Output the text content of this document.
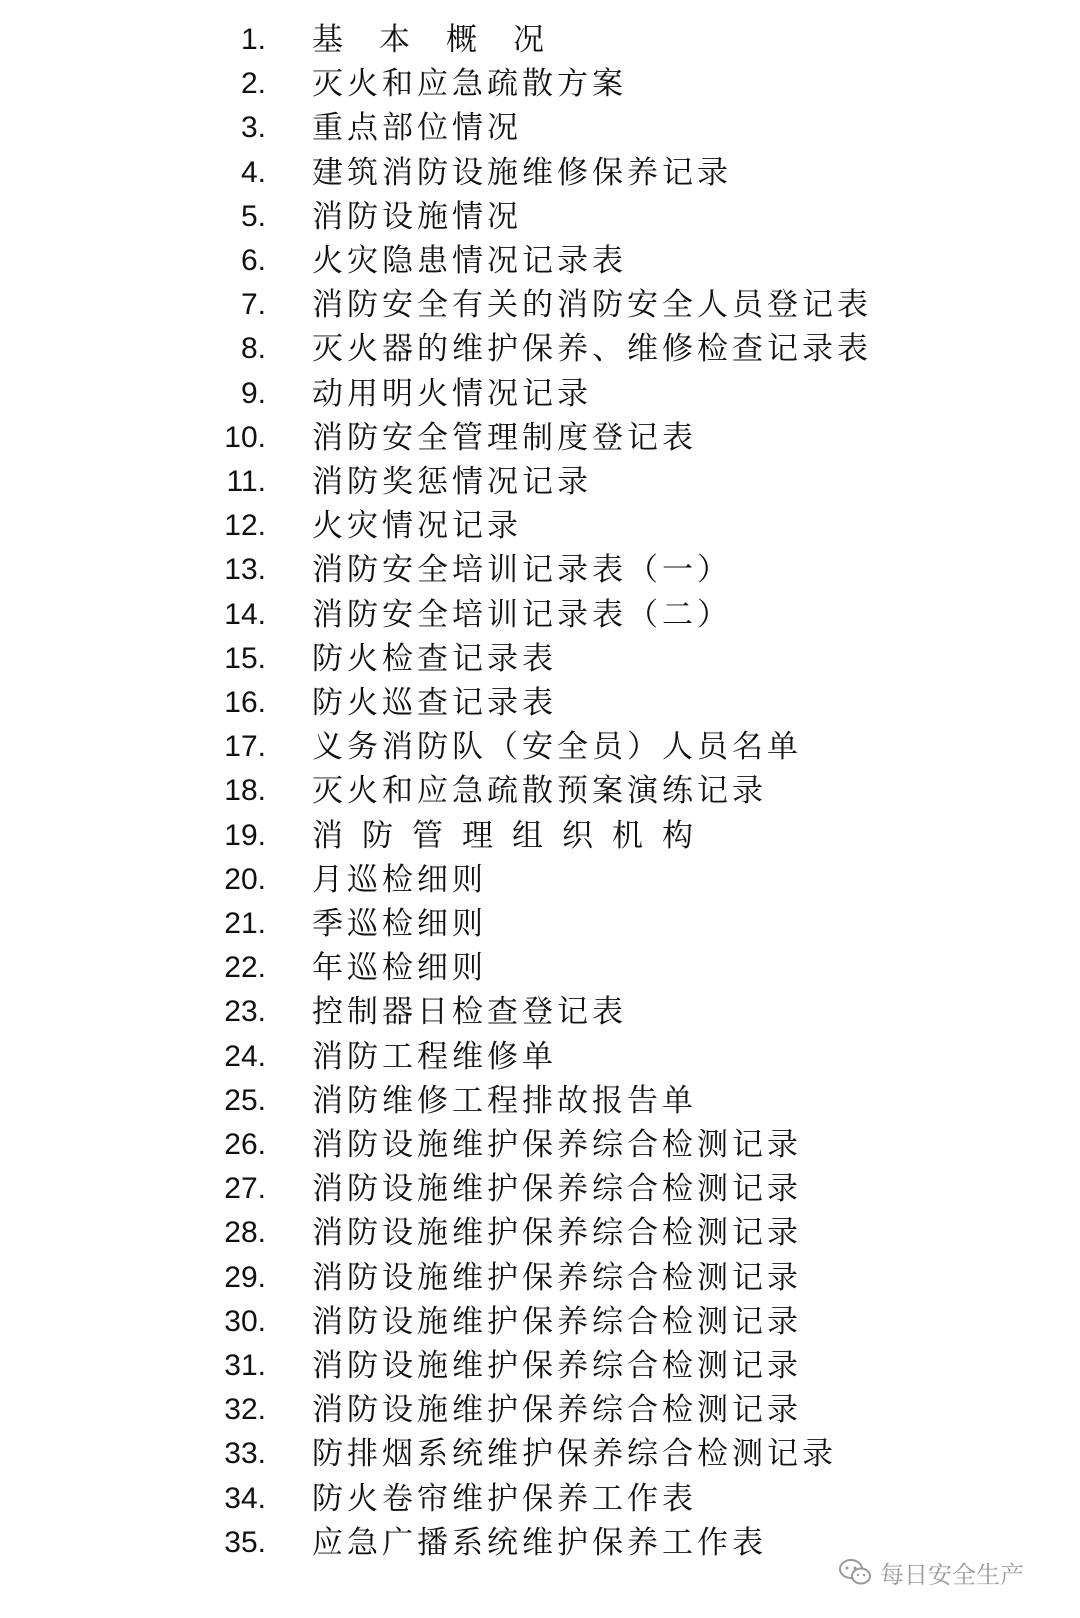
1. 基本概况
2. 灭火和应急疏散方案
3. 重点部位情况
4. 建筑消防设施维修保养记录
5. 消防设施情况
6. 火灾隐患情况记录表
7. 消防安全有关的消防安全人员登记表
8. 灭火器的维护保养、维修检查记录表
9. 动用明火情况记录
10. 消防安全管理制度登记表
11. 消防奖惩情况记录
12. 火灾情况记录
13. 消防安全培训记录表（一）
14. 消防安全培训记录表（二）
15. 防火检查记录表
16. 防火巡查记录表
17. 义务消防队（安全员）人员名单
18. 灭火和应急疏散预案演练记录
19. 消防管理组织机构
20. 月巡检细则
21. 季巡检细则
22. 年巡检细则
23. 控制器日检查登记表
24. 消防工程维修单
25. 消防维修工程排故报告单
26. 消防设施维护保养综合检测记录
27. 消防设施维护保养综合检测记录
28. 消防设施维护保养综合检测记录
29. 消防设施维护保养综合检测记录
30. 消防设施维护保养综合检测记录
31. 消防设施维护保养综合检测记录
32. 消防设施维护保养综合检测记录
33. 防排烟系统维护保养综合检测记录
34. 防火卷帘维护保养工作表
35. 应急广播系统维护保养工作表
每日安全生产
